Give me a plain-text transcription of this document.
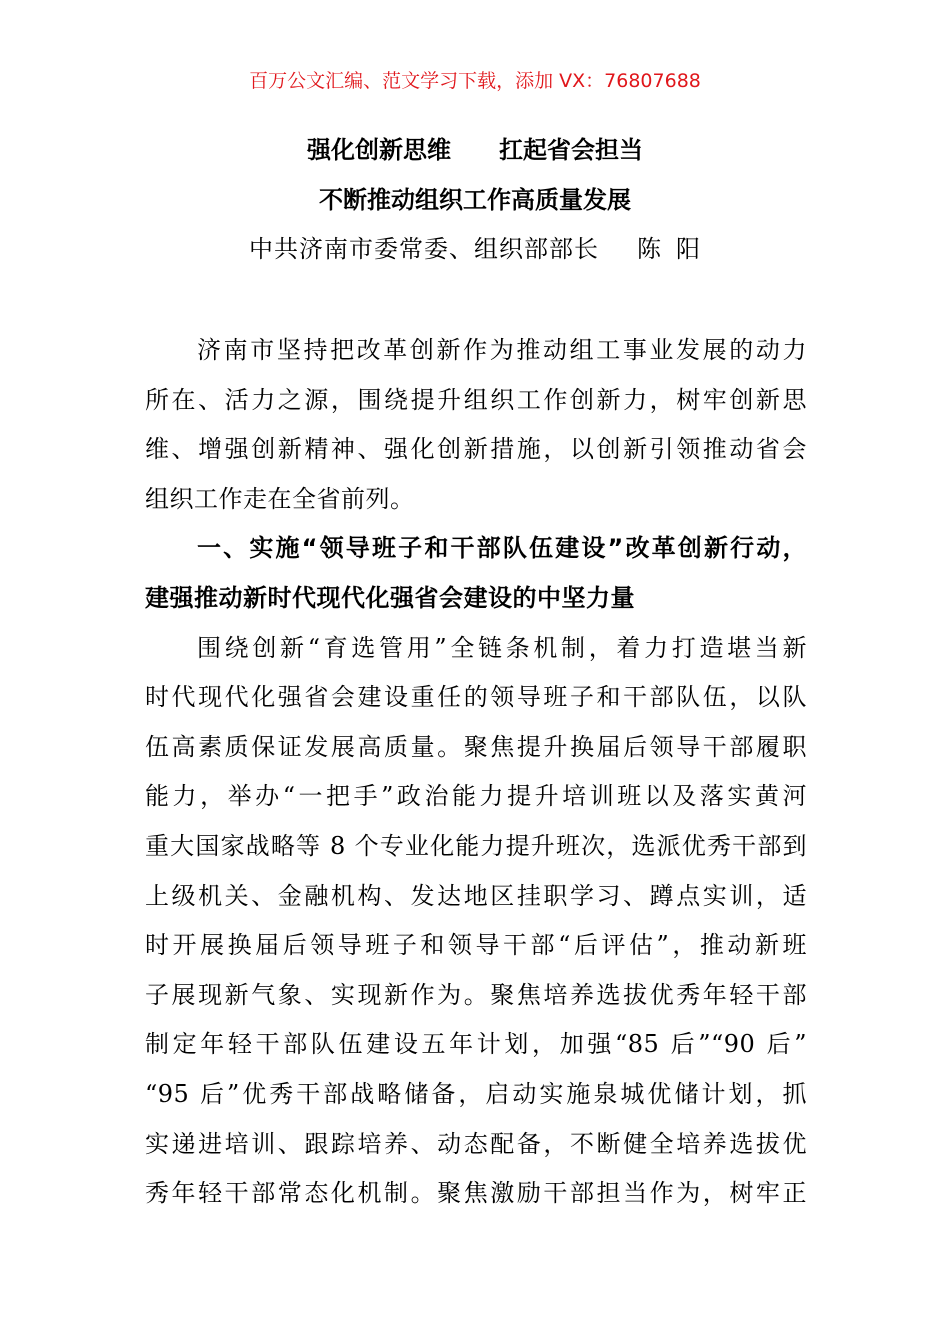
百万公文汇编、范文学习下载，添加 VX：76807688
强化创新思维 扛起省会担当
不断推动组织工作高质量发展
中共济南市委常委、组织部部长 陈 阳
济南市坚持把改革创新作为推动组工事业发展的动力
所在、活力之源，围绕提升组织工作创新力，树牢创新思
维、增强创新精神、强化创新措施，以创新引领推动省会
组织工作走在全省前列。
一、实施“领导班子和干部队伍建设”改革创新行动，
建强推动新时代现代化强省会建设的中坚力量
围绕创新“育选管用”全链条机制，着力打造堪当新
时代现代化强省会建设重任的领导班子和干部队伍，以队
伍高素质保证发展高质量。聚焦提升换届后领导干部履职
能力，举办“一把手”政治能力提升培训班以及落实黄河
重大国家战略等 8 个专业化能力提升班次，选派优秀干部到
上级机关、金融机构、发达地区挂职学习、蹲点实训，适
时开展换届后领导班子和领导干部“后评估”，推动新班
子展现新气象、实现新作为。聚焦培养选拔优秀年轻干部
制定年轻干部队伍建设五年计划，加强“85 后”“90 后”
“95 后”优秀干部战略储备，启动实施泉城优储计划，抓
实递进培训、跟踪培养、动态配备，不断健全培养选拔优
秀年轻干部常态化机制。聚焦激励干部担当作为，树牢正
